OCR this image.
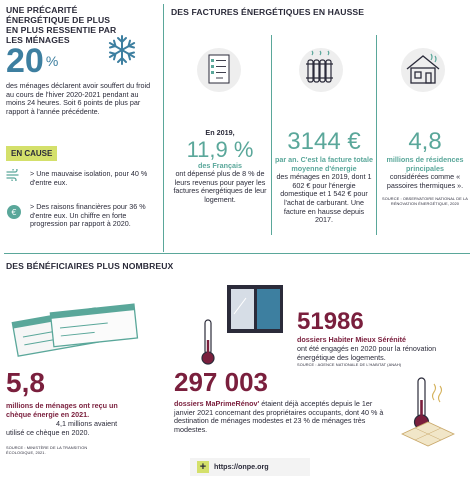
UNE PRÉCARITÉ ÉNERGÉTIQUE DE PLUS EN PLUS RESSENTIE PAR LES MÉNAGES
20 %
des ménages déclarent avoir souffert du froid au cours de l'hiver 2020-2021 pendant au moins 24 heures. Soit 6 points de plus par rapport à l'année précédente.
EN CAUSE
> Une mauvaise isolation, pour 40 % d'entre eux.
€
> Des raisons financières pour 36 % d'entre eux. Un chiffre en forte progression par rapport à 2020.
DES FACTURES ÉNERGÉTIQUES EN HAUSSE
En 2019,
11,9 %
des Français
ont dépensé plus de 8 % de leurs revenus pour payer les factures énergétiques de leur logement.
3144 €
par an. C'est la facture totale moyenne d'énergie
des ménages en 2019, dont 1 602 € pour l'énergie domestique et 1 542 € pour l'achat de carburant. Une facture en hausse depuis 2017.
4,8
millions de résidences principales
considérées comme « passoires thermiques ».
SOURCE : OBSERVATOIRE NATIONAL DE LA RÉNOVATION ÉNERGÉTIQUE, 2020
DES BÉNÉFICIAIRES PLUS NOMBREUX
5,8
millions de ménages ont reçu un chèque énergie en 2021.
4,1 millions avaient utilisé ce chèque en 2020.
SOURCE : MINISTÈRE DE LA TRANSITION ÉCOLOGIQUE, 2021.
51986
dossiers Habiter Mieux Sérénité
ont été engagés en 2020 pour la rénovation énergétique des logements.
SOURCE : AGENCE NATIONALE DE L'HABITAT (ANAH)
297 003
dossiers MaPrimeRénov' étaient déjà acceptés depuis le 1er janvier 2021 concernant des propriétaires occupants, dont 40 % à destination de ménages modestes et 23 % de ménages très modestes.
+	https://onpe.org
